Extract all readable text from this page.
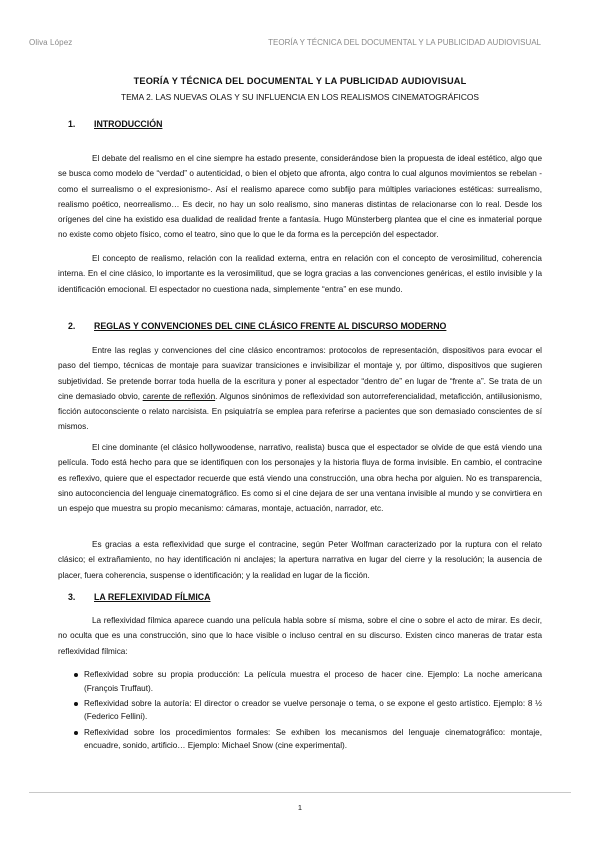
Oliva López	TEORÍA Y TÉCNICA DEL DOCUMENTAL Y LA PUBLICIDAD AUDIOVISUAL
TEORÍA Y TÉCNICA DEL DOCUMENTAL Y LA PUBLICIDAD AUDIOVISUAL
TEMA 2. LAS NUEVAS OLAS Y SU INFLUENCIA EN LOS REALISMOS CINEMATOGRÁFICOS
1. INTRODUCCIÓN
El debate del realismo en el cine siempre ha estado presente, considerándose bien la propuesta de ideal estético, algo que se busca como modelo de “verdad” o autenticidad, o bien el objeto que afronta, algo contra lo cual algunos movimientos se rebelan -como el surrealismo o el expresionismo-. Así el realismo aparece como subfijo para múltiples variaciones estéticas: surrealismo, realismo poético, neorrealismo… Es decir, no hay un solo realismo, sino maneras distintas de relacionarse con lo real. Desde los orígenes del cine ha existido esa dualidad de realidad frente a fantasía. Hugo Münsterberg plantea que el cine es inmaterial porque no existe como objeto físico, como el teatro, sino que lo que le da forma es la percepción del espectador.
El concepto de realismo, relación con la realidad externa, entra en relación con el concepto de verosimilitud, coherencia interna. En el cine clásico, lo importante es la verosimilitud, que se logra gracias a las convenciones genéricas, el estilo invisible y la identificación emocional. El espectador no cuestiona nada, simplemente “entra” en ese mundo.
2. REGLAS Y CONVENCIONES DEL CINE CLÁSICO FRENTE AL DISCURSO MODERNO
Entre las reglas y convenciones del cine clásico encontramos: protocolos de representación, dispositivos para evocar el paso del tiempo, técnicas de montaje para suavizar transiciones e invisibilizar el montaje y, por último, dispositivos que sugieren subjetividad. Se pretende borrar toda huella de la escritura y poner al espectador “dentro de” en lugar de “frente a”. Se trata de un cine demasiado obvio, carente de reflexión. Algunos sinónimos de reflexividad son autorreferencialidad, metaficción, antiilusionismo, ficción autoconsciente o relato narcisista. En psiquiatría se emplea para referirse a pacientes que son demasiado conscientes de sí mismos.
El cine dominante (el clásico hollywoodense, narrativo, realista) busca que el espectador se olvide de que está viendo una película. Todo está hecho para que se identifiquen con los personajes y la historia fluya de forma invisible. En cambio, el contracine es reflexivo, quiere que el espectador recuerde que está viendo una construcción, una obra hecha por alguien. No es transparencia, sino autoconciencia del lenguaje cinematográfico. Es como si el cine dejara de ser una ventana invisible al mundo y se convirtiera en un espejo que muestra su propio mecanismo: cámaras, montaje, actuación, narrador, etc.
Es gracias a esta reflexividad que surge el contracine, según Peter Wolfman caracterizado por la ruptura con el relato clásico; el extrañamiento, no hay identificación ni anclajes; la apertura narrativa en lugar del cierre y la resolución; la ausencia de placer, fuera coherencia, suspense o identificación; y la realidad en lugar de la ficción.
3. LA REFLEXIVIDAD FÍLMICA
La reflexividad fílmica aparece cuando una película habla sobre sí misma, sobre el cine o sobre el acto de mirar. Es decir, no oculta que es una construcción, sino que lo hace visible o incluso central en su discurso. Existen cinco maneras de tratar esta reflexividad fílmica:
Reflexividad sobre su propia producción: La película muestra el proceso de hacer cine. Ejemplo: La noche americana (François Truffaut).
Reflexividad sobre la autoría: El director o creador se vuelve personaje o tema, o se expone el gesto artístico. Ejemplo: 8 ½ (Federico Fellini).
Reflexividad sobre los procedimientos formales: Se exhiben los mecanismos del lenguaje cinematográfico: montaje, encuadre, sonido, artificio… Ejemplo: Michael Snow (cine experimental).
1
